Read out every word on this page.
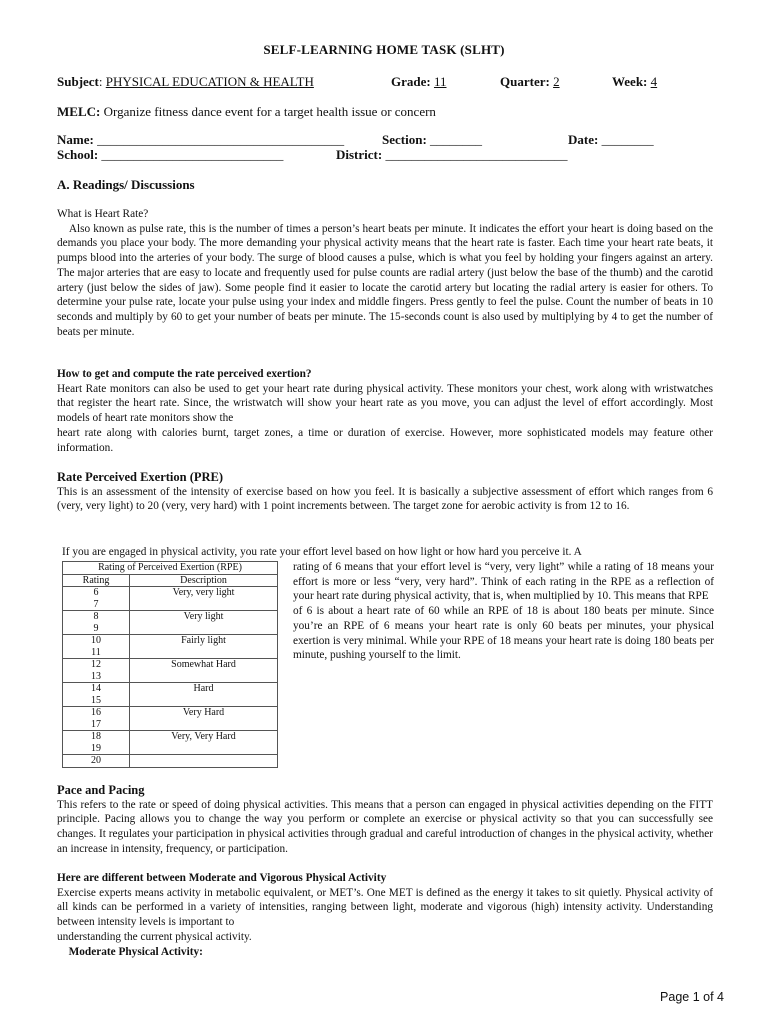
SELF-LEARNING HOME TASK (SLHT)
Subject: PHYSICAL EDUCATION & HEALTH	Grade: 11	Quarter: 2	Week: 4
MELC: Organize fitness dance event for a target health issue or concern
Name: ______________________________________	Section: ________	Date: ________
School: ____________________________	District: ____________________________
A. Readings/ Discussions

What is Heart Rate?

Also known as pulse rate, this is the number of times a person’s heart beats per minute. It indicates the effort your heart is doing based on the demands you place your body. The more demanding your physical activity means that the heart rate is faster. Each time your heart rate beats, it pumps blood into the arteries of your body. The surge of blood causes a pulse, which is what you feel by holding your fingers against an artery. The major arteries that are easy to locate and frequently used for pulse counts are radial artery (just below the base of the thumb) and the carotid artery (just below the sides of jaw). Some people find it easier to locate the carotid artery but locating the radial artery is easier for others. To determine your pulse rate, locate your pulse using your index and middle fingers. Press gently to feel the pulse. Count the number of beats in 10 seconds and multiply by 60 to get your number of beats per minute. The 15-seconds count is also used by multiplying by 4 to get the number of beats per minute.

How to get and compute the rate perceived exertion?

Heart Rate monitors can also be used to get your heart rate during physical activity. These monitors your chest, work along with wristwatches that register the heart rate. Since, the wristwatch will show your heart rate as you move, you can adjust the level of effort accordingly. Most models of heart rate monitors show the

heart rate along with calories burnt, target zones, a time or duration of exercise. However, more sophisticated models may feature other information.

Rate Perceived Exertion (PRE)

This is an assessment of the intensity of exercise based on how you feel. It is basically a subjective assessment of effort which ranges from 6 (very, very light) to 20 (very, very hard) with 1 point increments between. The target zone for aerobic activity is from 12 to 16.

If you are engaged in physical activity, you rate your effort level based on how light or how hard you perceive it. A

rating of 6 means that your effort level is “very, very light” while a rating of 18 means your effort is more or less “very, very hard”. Think of each rating in the RPE as a reflection of your heart rate during physical activity, that is, when multiplied by 10. This means that RPE

of 6 is about a heart rate of 60 while an RPE of 18 is about 180 beats per minute. Since you’re an RPE of 6 means your heart rate is only 60 beats per minutes, your physical exertion is very minimal. While your RPE of 18 means your heart rate is doing 180 beats per minute, pushing yourself to the limit.

Rating of Perceived Exertion (RPE)	
Rating	Description

6
7	Very, very light

8
9	Very light

10
11	Fairly light

12
13	Somewhat Hard

14
15	Hard

16
17	Very Hard

18
19	Very, Very Hard

20	

Pace and Pacing

This refers to the rate or speed of doing physical activities. This means that a person can engaged in physical activities depending on the FITT principle. Pacing allows you to change the way you perform or complete an exercise or physical activity so that you can successfully see changes. It regulates your participation in physical activities through gradual and careful introduction of changes in the physical activity, whether an increase in intensity, frequency, or participation.

Here are different between Moderate and Vigorous Physical Activity

Exercise experts means activity in metabolic equivalent, or MET’s. One MET is defined as the energy it takes to sit quietly. Physical activity of all kinds can be performed in a variety of intensities, ranging between light, moderate and vigorous (high) intensity activity. Understanding between intensity levels is important to

understanding the current physical activity.

Moderate Physical Activity:

Page 1 of 4
